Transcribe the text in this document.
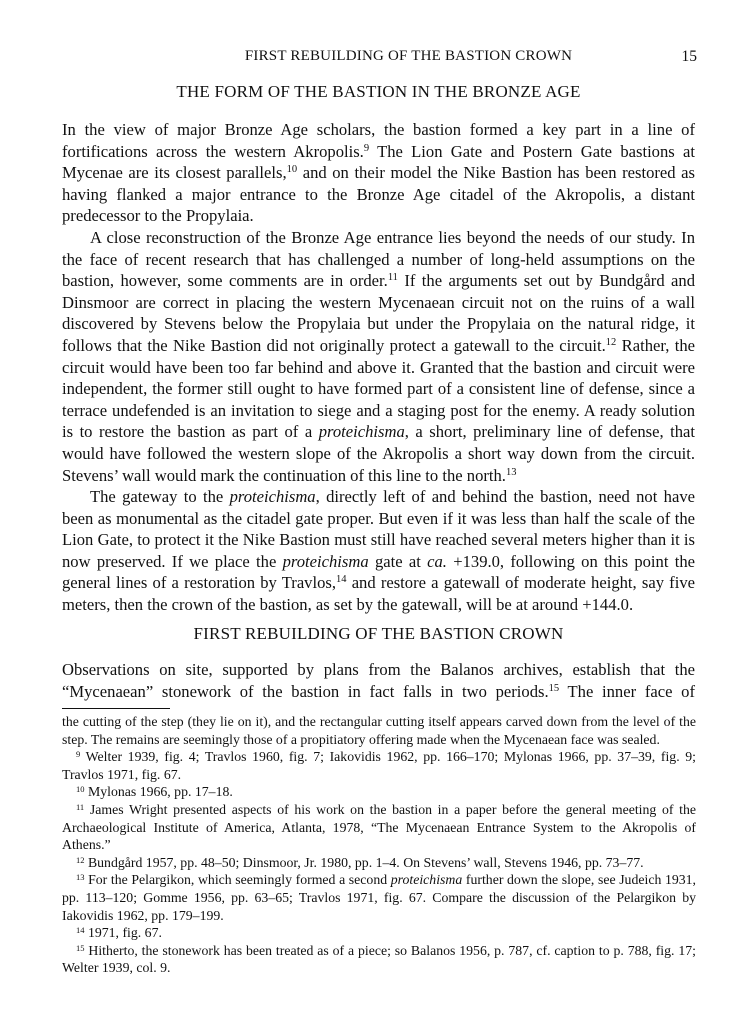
FIRST REBUILDING OF THE BASTION CROWN	15
THE FORM OF THE BASTION IN THE BRONZE AGE

In the view of major Bronze Age scholars, the bastion formed a key part in a line of fortifications across the western Akropolis.$^9$ The Lion Gate and Postern Gate bastions at Mycenae are its closest parallels,$^{10}$ and on their model the Nike Bastion has been restored as having flanked a major entrance to the Bronze Age citadel of the Akropolis, a distant predecessor to the Propylaia.

A close reconstruction of the Bronze Age entrance lies beyond the needs of our study. In the face of recent research that has challenged a number of long-held assumptions on the bastion, however, some comments are in order.$^{11}$ If the arguments set out by Bundgård and Dinsmoor are correct in placing the western Mycenaean circuit not on the ruins of a wall discovered by Stevens below the Propylaia but under the Propylaia on the natural ridge, it follows that the Nike Bastion did not originally protect a gatewall to the circuit.$^{12}$ Rather, the circuit would have been too far behind and above it. Granted that the bastion and circuit were independent, the former still ought to have formed part of a consistent line of defense, since a terrace undefended is an invitation to siege and a staging post for the enemy. A ready solution is to restore the bastion as part of a proteichisma, a short, preliminary line of defense, that would have followed the western slope of the Akropolis a short way down from the circuit. Stevens’ wall would mark the continuation of this line to the north.$^{13}$

The gateway to the proteichisma, directly left of and behind the bastion, need not have been as monumental as the citadel gate proper. But even if it was less than half the scale of the Lion Gate, to protect it the Nike Bastion must still have reached several meters higher than it is now preserved. If we place the proteichisma gate at ca. +139.0, following on this point the general lines of a restoration by Travlos,$^{14}$ and restore a gatewall of moderate height, say five meters, then the crown of the bastion, as set by the gatewall, will be at around +144.0.

FIRST REBUILDING OF THE BASTION CROWN

Observations on site, supported by plans from the Balanos archives, establish that the “Mycenaean” stonework of the bastion in fact falls in two periods.$^{15}$ The inner face of

the cutting of the step (they lie on it), and the rectangular cutting itself appears carved down from the level of the step. The remains are seemingly those of a propitiatory offering made when the Mycenaean face was sealed.

$^9$ Welter 1939, fig. 4; Travlos 1960, fig. 7; Iakovidis 1962, pp. 166–170; Mylonas 1966, pp. 37–39, fig. 9; Travlos 1971, fig. 67.

$^{10}$ Mylonas 1966, pp. 17–18.

$^{11}$ James Wright presented aspects of his work on the bastion in a paper before the general meeting of the Archaeological Institute of America, Atlanta, 1978, “The Mycenaean Entrance System to the Akropolis of Athens.”

$^{12}$ Bundgård 1957, pp. 48–50; Dinsmoor, Jr. 1980, pp. 1–4. On Stevens’ wall, Stevens 1946, pp. 73–77.

$^{13}$ For the Pelargikon, which seemingly formed a second proteichisma further down the slope, see Judeich 1931, pp. 113–120; Gomme 1956, pp. 63–65; Travlos 1971, fig. 67. Compare the discussion of the Pelargikon by Iakovidis 1962, pp. 179–199.

$^{14}$ 1971, fig. 67.

$^{15}$ Hitherto, the stonework has been treated as of a piece; so Balanos 1956, p. 787, cf. caption to p. 788, fig. 17; Welter 1939, col. 9.
